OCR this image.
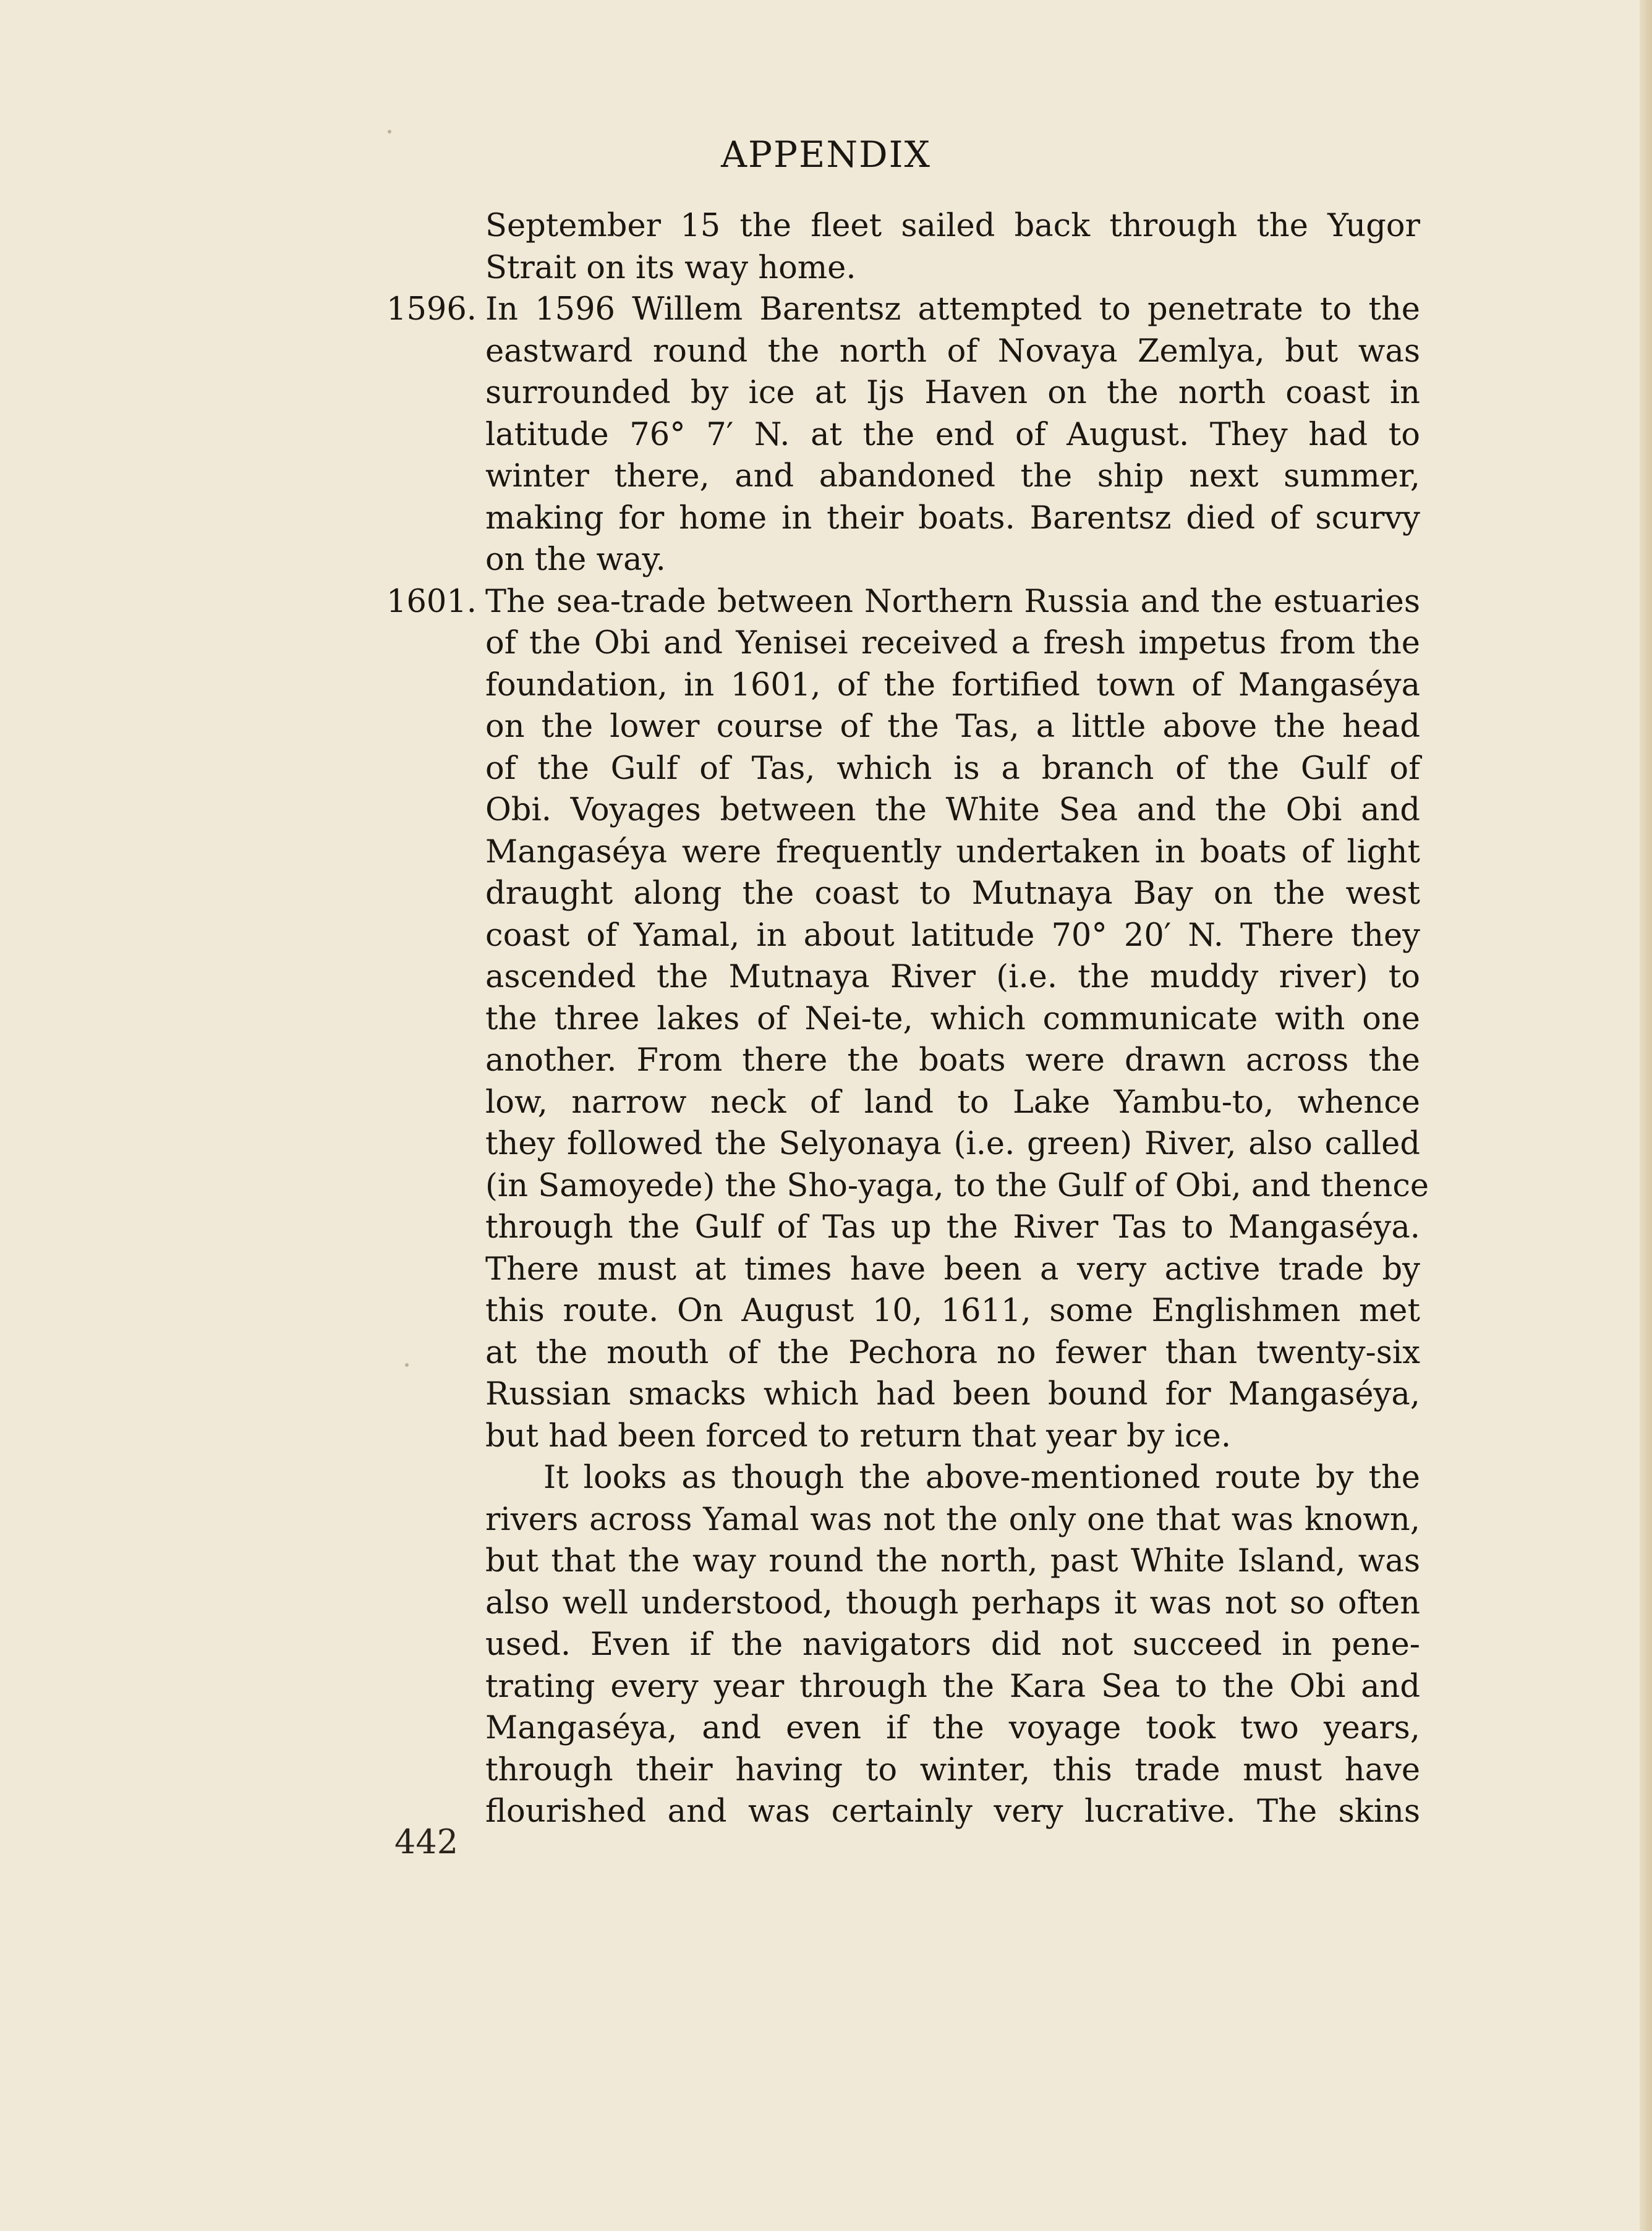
APPENDIX
September 15 the fleet sailed back through the Yugor
Strait on its way home.
1596. In 1596 Willem Barentsz attempted to penetrate to the
eastward round the north of Novaya Zemlya, but was
surrounded by ice at Ijs Haven on the north coast in
latitude 76° 7′ N. at the end of August. They had to
winter there, and abandoned the ship next summer,
making for home in their boats. Barentsz died of scurvy
on the way.
1601. The sea-trade between Northern Russia and the estuaries
of the Obi and Yenisei received a fresh impetus from the
foundation, in 1601, of the fortified town of Mangaséya
on the lower course of the Tas, a little above the head
of the Gulf of Tas, which is a branch of the Gulf of
Obi. Voyages between the White Sea and the Obi and
Mangaséya were frequently undertaken in boats of light
draught along the coast to Mutnaya Bay on the west
coast of Yamal, in about latitude 70° 20′ N. There they
ascended the Mutnaya River (i.e. the muddy river) to
the three lakes of Nei-te, which communicate with one
another. From there the boats were drawn across the
low, narrow neck of land to Lake Yambu-to, whence
they followed the Selyonaya (i.e. green) River, also called
(in Samoyede) the Sho-yaga, to the Gulf of Obi, and thence
through the Gulf of Tas up the River Tas to Mangaséya.
There must at times have been a very active trade by
this route. On August 10, 1611, some Englishmen met
at the mouth of the Pechora no fewer than twenty-six
Russian smacks which had been bound for Mangaséya,
but had been forced to return that year by ice.
It looks as though the above-mentioned route by the
rivers across Yamal was not the only one that was known,
but that the way round the north, past White Island, was
also well understood, though perhaps it was not so often
used. Even if the navigators did not succeed in pene-
trating every year through the Kara Sea to the Obi and
Mangaséya, and even if the voyage took two years,
through their having to winter, this trade must have
flourished and was certainly very lucrative. The skins
442
